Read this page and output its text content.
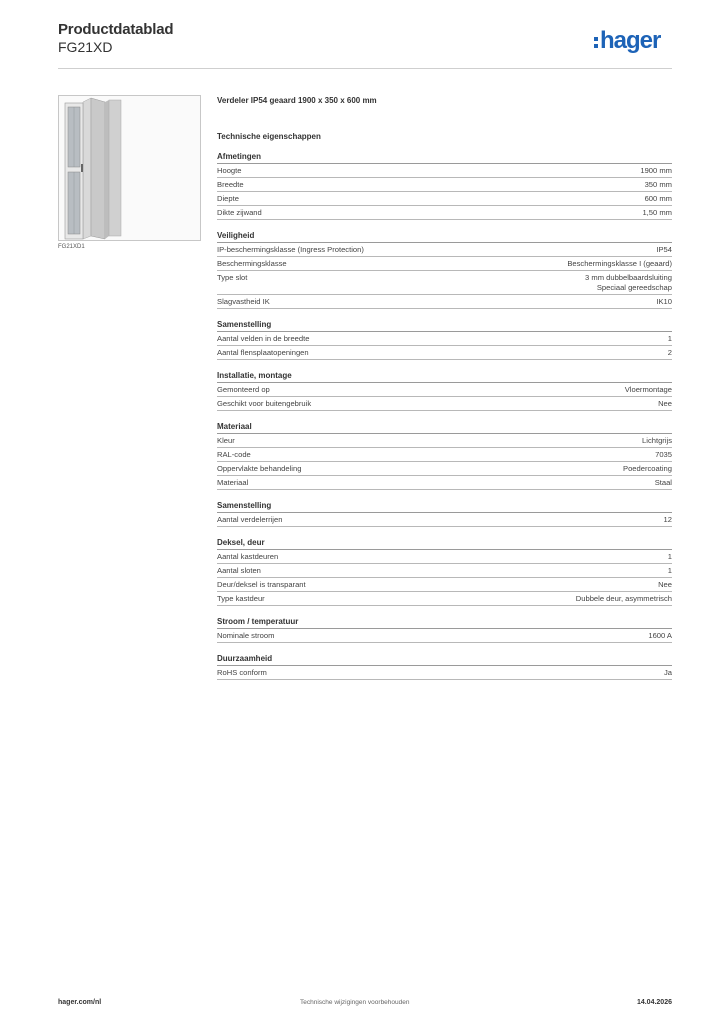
Productdatablad
FG21XD	hager
FG21XD1
Verdeler IP54 geaard 1900 x 350 x 600 mm
Technische eigenschappen
Afmetingen
Hoogte	1900 mm
Breedte	350 mm
Diepte	600 mm
Dikte zijwand	1,50 mm
Veiligheid
IP-beschermingsklasse (Ingress Protection)	IP54
Beschermingsklasse	Beschermingsklasse I (geaard)
Type slot	3 mm dubbelbaardsluiting
Speciaal gereedschap
Slagvastheid IK	IK10
Samenstelling
Aantal velden in de breedte	1
Aantal flensplaatopeningen	2
Installatie, montage
Gemonteerd op	Vloermontage
Geschikt voor buitengebruik	Nee
Materiaal
Kleur	Lichtgrijs
RAL-code	7035
Oppervlakte behandeling	Poedercoating
Materiaal	Staal
Samenstelling
Aantal verdelerrijen	12
Deksel, deur
Aantal kastdeuren	1
Aantal sloten	1
Deur/deksel is transparant	Nee
Type kastdeur	Dubbele deur, asymmetrisch
Stroom / temperatuur
Nominale stroom	1600 A
Duurzaamheid
RoHS conform	Ja
hager.com/nl	Technische wijzigingen voorbehouden	14.04.2026
